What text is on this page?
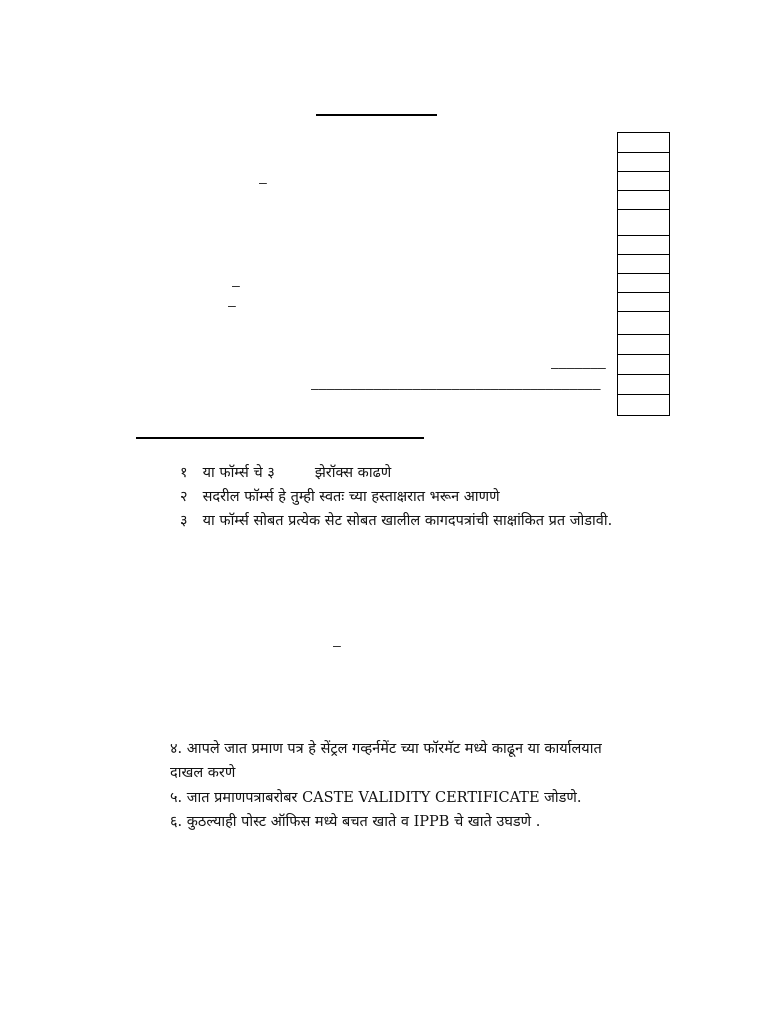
–
–
–
–––––––
–––––––––––––––––––––––––––––––––––––
१ या फॉर्म्स चे ३	झेरॉक्स काढणे
२ सदरील फॉर्म्स हे तुम्ही स्वतः च्या हस्ताक्षरात भरून आणणे
३ या फॉर्म्स सोबत प्रत्येक सेट सोबत खालील कागदपत्रांची साक्षांकित प्रत जोडावी.
–
४. आपले जात प्रमाण पत्र हे सेंट्रल गव्हर्नमेंट च्या फॉरमॅट मध्ये काढून या कार्यालयात
दाखल करणे
५. जात प्रमाणपत्राबरोबर CASTE VALIDITY CERTIFICATE जोडणे.
६. कुठल्याही पोस्ट ऑफिस मध्ये बचत खाते व IPPB चे खाते उघडणे .
